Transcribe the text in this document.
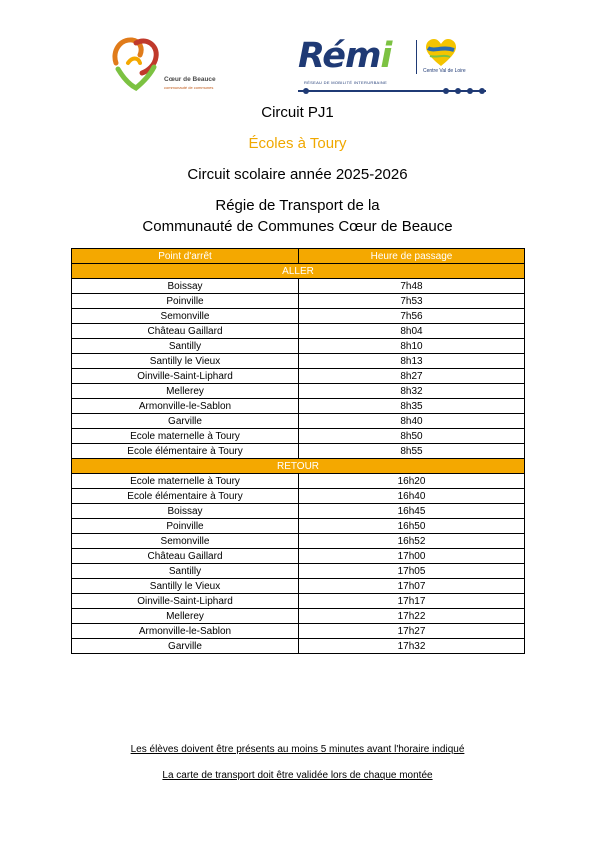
Cœur de Beauce
communauté de communes
Rémi	Centre Val de Loire
RÉSEAU DE MOBILITÉ INTERURBAINE
Circuit PJ1
Écoles à Toury
Circuit scolaire année 2025-2026
Régie de Transport de la
Communauté de Communes Cœur de Beauce
Point d'arrêt	Heure de passage
ALLER	
Boissay	7h48
Poinville	7h53
Semonville	7h56
Château Gaillard	8h04
Santilly	8h10
Santilly le Vieux	8h13
Oinville-Saint-Liphard	8h27
Mellerey	8h32
Armonville-le-Sablon	8h35
Garville	8h40
Ecole maternelle à Toury	8h50
Ecole élémentaire à Toury	8h55
RETOUR	
Ecole maternelle à Toury	16h20
Ecole élémentaire à Toury	16h40
Boissay	16h45
Poinville	16h50
Semonville	16h52
Château Gaillard	17h00
Santilly	17h05
Santilly le Vieux	17h07
Oinville-Saint-Liphard	17h17
Mellerey	17h22
Armonville-le-Sablon	17h27
Garville	17h32
Les élèves doivent être présents au moins 5 minutes avant l'horaire indiqué
La carte de transport doit être validée lors de chaque montée
